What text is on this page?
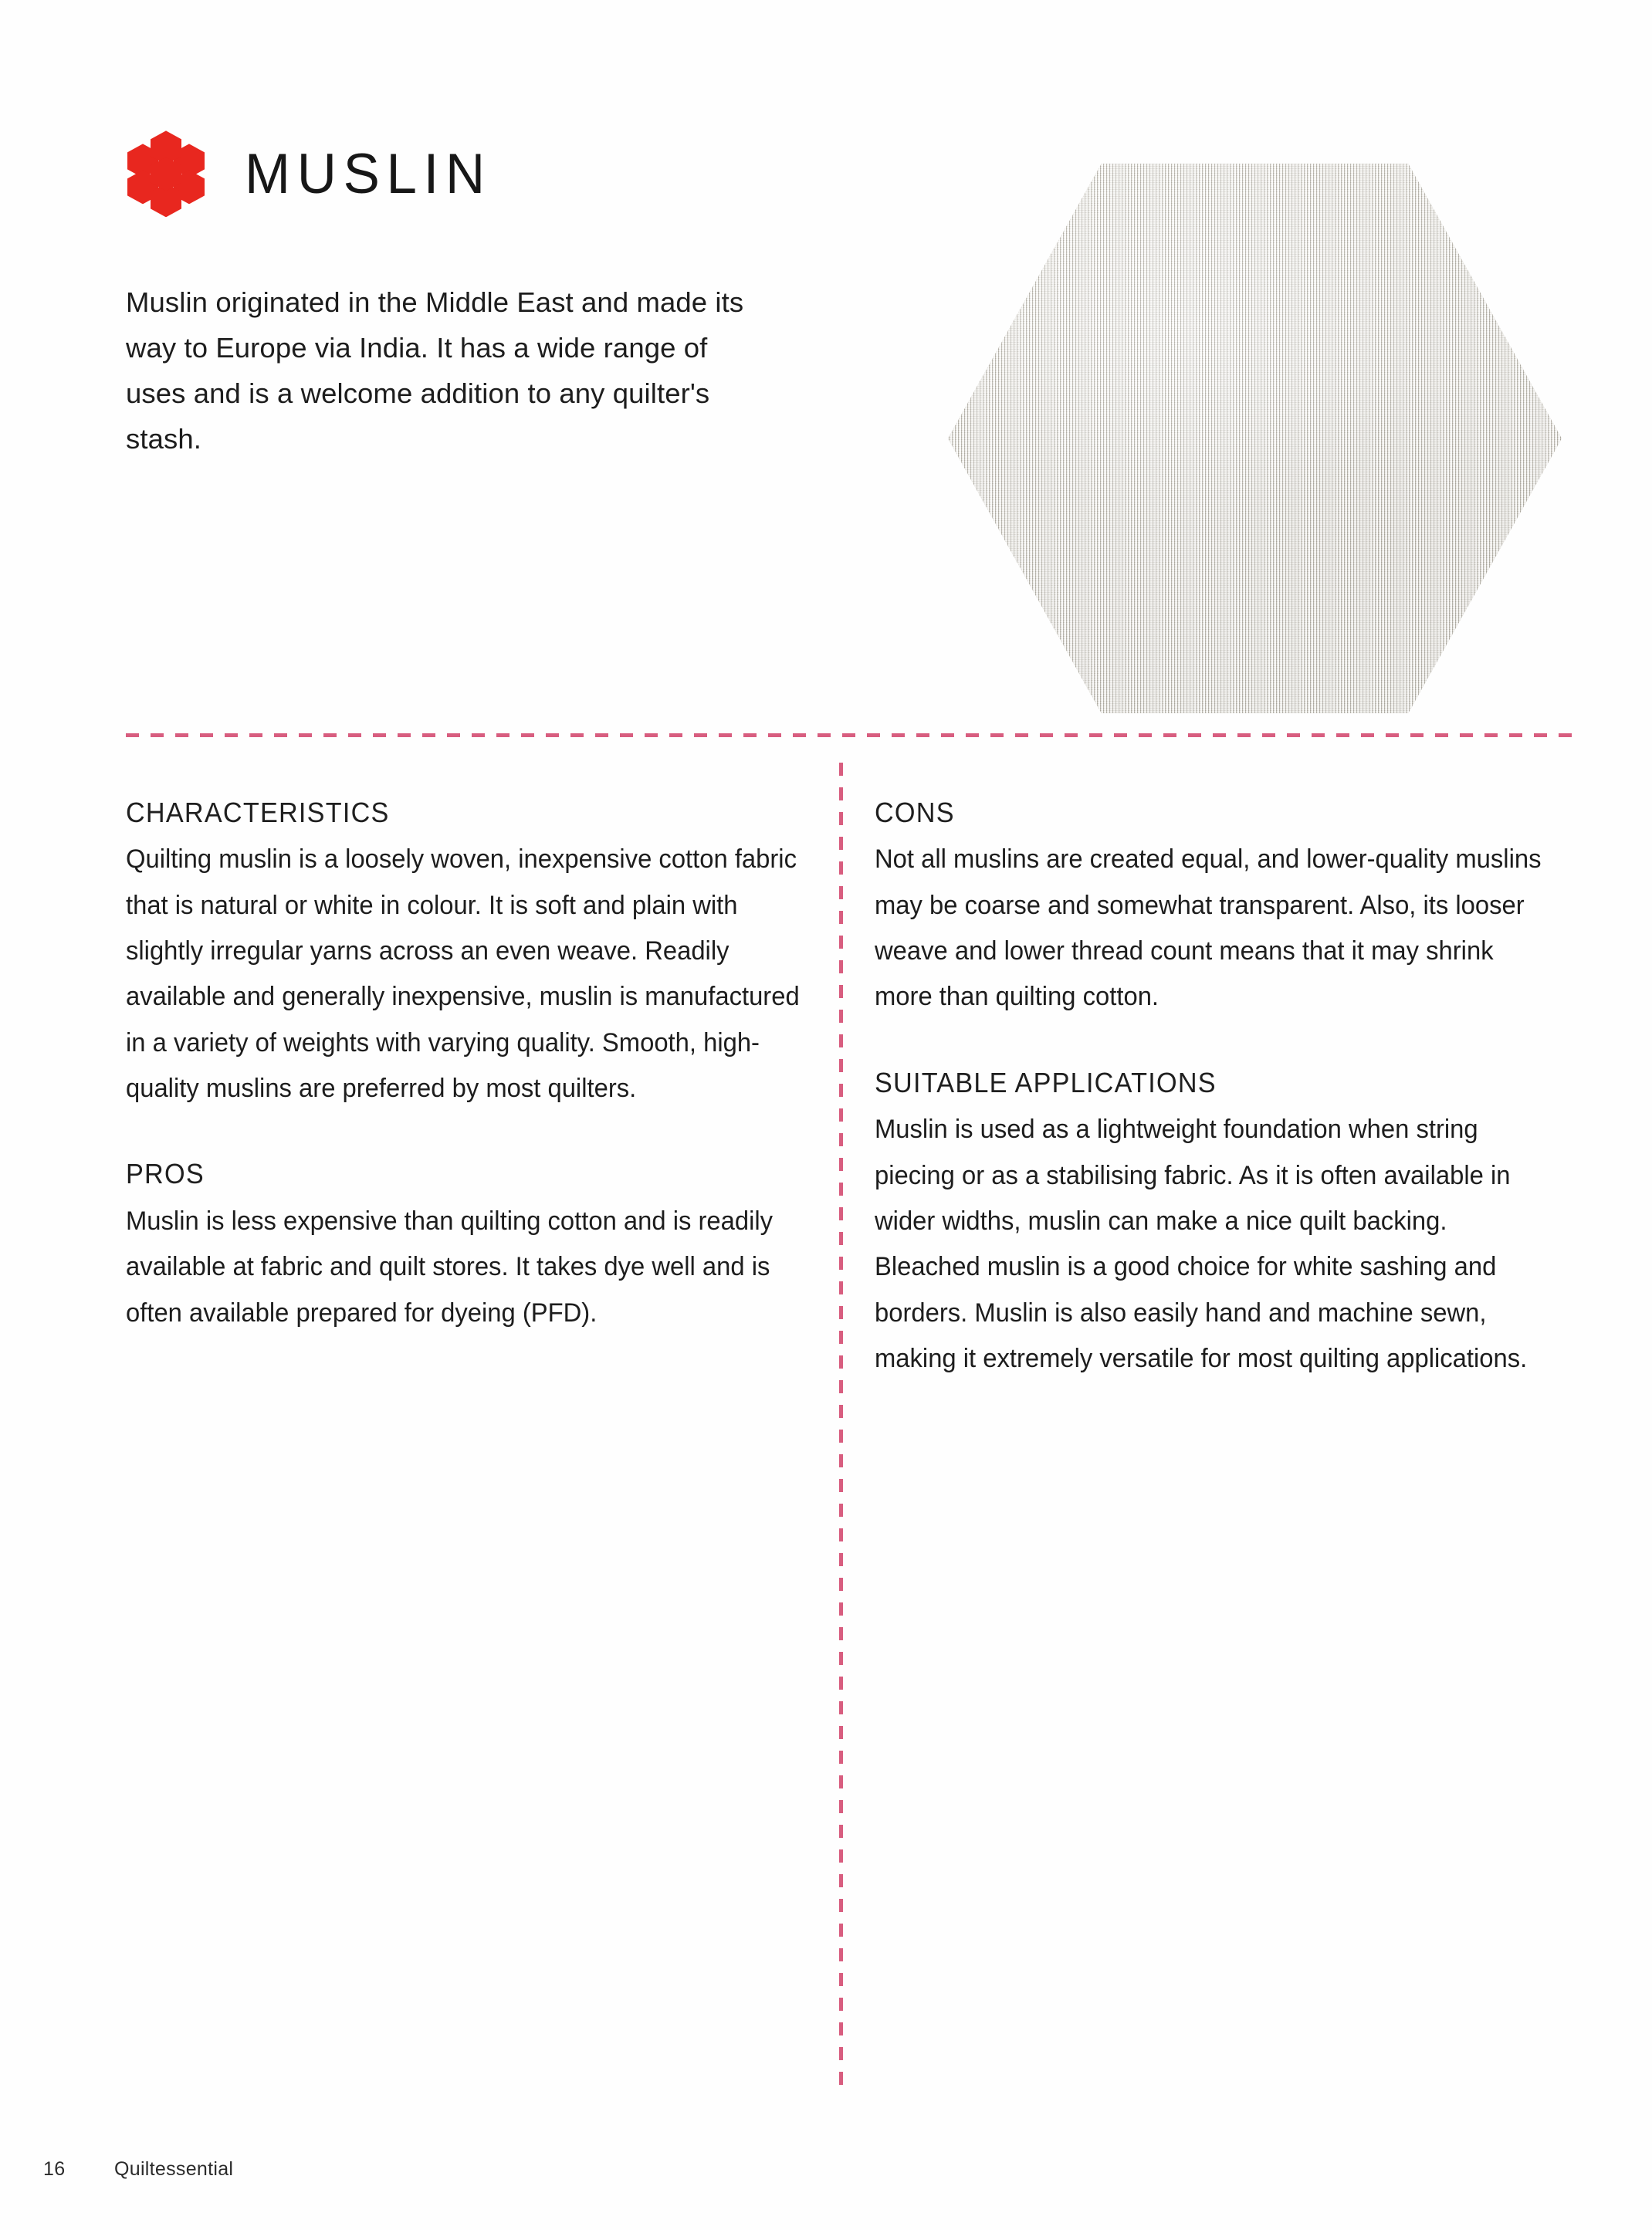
MUSLIN

Muslin originated in the Middle East and made its way to Europe via India. It has a wide range of uses and is a welcome addition to any quilter's stash.

CHARACTERISTICS

Quilting muslin is a loosely woven, inexpensive cotton fabric that is natural or white in colour. It is soft and plain with slightly irregular yarns across an even weave. Readily available and generally inexpensive, muslin is manufactured in a variety of weights with varying quality. Smooth, high-quality muslins are preferred by most quilters.

PROS

Muslin is less expensive than quilting cotton and is readily available at fabric and quilt stores. It takes dye well and is often available prepared for dyeing (PFD).

CONS

Not all muslins are created equal, and lower-quality muslins may be coarse and somewhat transparent. Also, its looser weave and lower thread count means that it may shrink more than quilting cotton.

SUITABLE APPLICATIONS

Muslin is used as a lightweight foundation when string piecing or as a stabilising fabric. As it is often available in wider widths, muslin can make a nice quilt backing. Bleached muslin is a good choice for white sashing and borders. Muslin is also easily hand and machine sewn, making it extremely versatile for most quilting applications.

16	Quiltessential
